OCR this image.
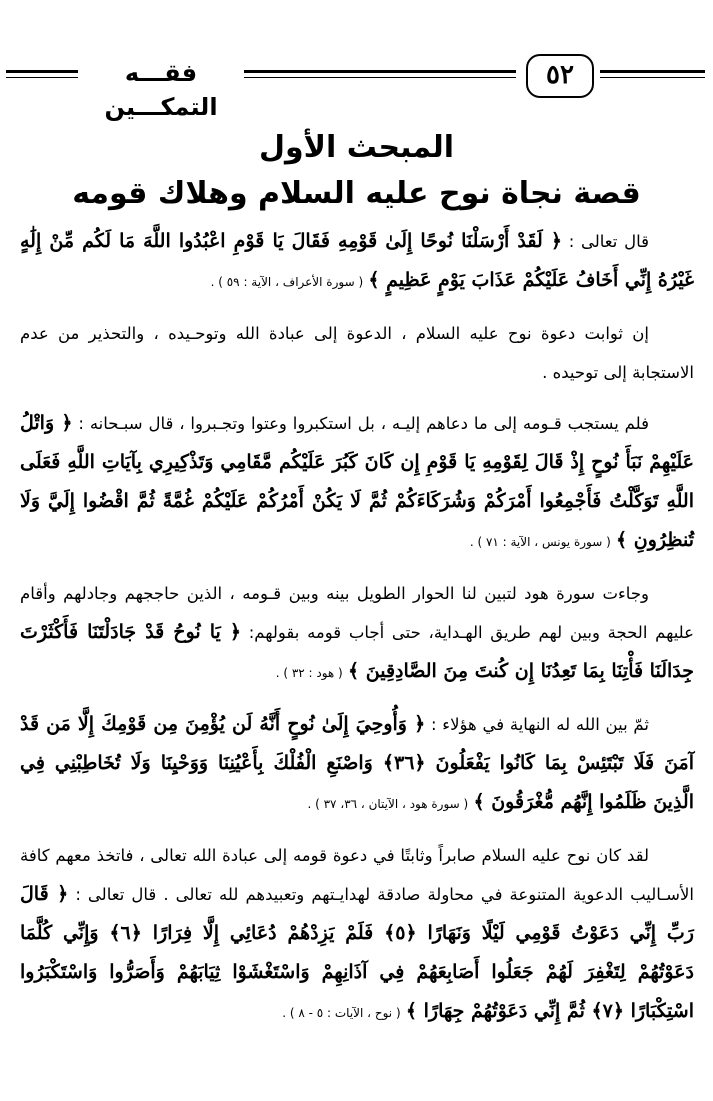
٥٢
فقـــه التمكـــين
المبحث الأول
قصة نجاة نوح عليه السلام وهلاك قومه

قال تعالى : ﴿ لَقَدْ أَرْسَلْنَا نُوحًا إِلَىٰ قَوْمِهِ فَقَالَ يَا قَوْمِ اعْبُدُوا اللَّهَ مَا لَكُم مِّنْ إِلَٰهٍ غَيْرُهُ إِنِّي أَخَافُ عَلَيْكُمْ عَذَابَ يَوْمٍ عَظِيمٍ ﴾ ( سورة الأعراف ، الآية : ٥٩ ) .

إن ثوابت دعوة نوح عليه السلام ، الدعوة إلى عبادة الله وتوحـيده ، والتحذير من عدم الاستجابة إلى توحيده .

فلم يستجب قـومه إلى ما دعاهم إليـه ، بل استكبروا وعتوا وتجـبروا ، قال سبـحانه : ﴿ وَاتْلُ عَلَيْهِمْ نَبَأَ نُوحٍ إِذْ قَالَ لِقَوْمِهِ يَا قَوْمِ إِن كَانَ كَبُرَ عَلَيْكُم مَّقَامِي وَتَذْكِيرِي بِآيَاتِ اللَّهِ فَعَلَى اللَّهِ تَوَكَّلْتُ فَأَجْمِعُوا أَمْرَكُمْ وَشُرَكَاءَكُمْ ثُمَّ لَا يَكُنْ أَمْرُكُمْ عَلَيْكُمْ غُمَّةً ثُمَّ اقْضُوا إِلَيَّ وَلَا تُنظِرُونِ ﴾ ( سورة يونس ، الآية : ٧١ ) .

وجاءت سورة هود لتبين لنا الحوار الطويل بينه وبين قـومه ، الذين حاججهم وجادلهم وأقام عليهم الحجة وبين لهم طريق الهـداية، حتى أجاب قومه بقولهم: ﴿ يَا نُوحُ قَدْ جَادَلْتَنَا فَأَكْثَرْتَ جِدَالَنَا فَأْتِنَا بِمَا تَعِدُنَا إِن كُنتَ مِنَ الصَّادِقِينَ ﴾ ( هود : ٣٢ ) .

ثمّ بين الله له النهاية في هؤلاء : ﴿ وَأُوحِيَ إِلَىٰ نُوحٍ أَنَّهُ لَن يُؤْمِنَ مِن قَوْمِكَ إِلَّا مَن قَدْ آمَنَ فَلَا تَبْتَئِسْ بِمَا كَانُوا يَفْعَلُونَ ﴿٣٦﴾ وَاصْنَعِ الْفُلْكَ بِأَعْيُنِنَا وَوَحْيِنَا وَلَا تُخَاطِبْنِي فِي الَّذِينَ ظَلَمُوا إِنَّهُم مُّغْرَقُونَ ﴾ ( سورة هود ، الآيتان ، ٣٦، ٣٧ ) .

لقد كان نوح عليه السلام صابراً وثابتًا في دعوة قومه إلى عبادة الله تعالى ، فاتخذ معهم كافة الأسـاليب الدعوية المتنوعة في محاولة صادقة لهدايـتهم وتعبيدهم لله تعالى . قال تعالى : ﴿ قَالَ رَبِّ إِنِّي دَعَوْتُ قَوْمِي لَيْلًا وَنَهَارًا ﴿٥﴾ فَلَمْ يَزِدْهُمْ دُعَائِي إِلَّا فِرَارًا ﴿٦﴾ وَإِنِّي كُلَّمَا دَعَوْتُهُمْ لِتَغْفِرَ لَهُمْ جَعَلُوا أَصَابِعَهُمْ فِي آذَانِهِمْ وَاسْتَغْشَوْا ثِيَابَهُمْ وَأَصَرُّوا وَاسْتَكْبَرُوا اسْتِكْبَارًا ﴿٧﴾ ثُمَّ إِنِّي دَعَوْتُهُمْ جِهَارًا ﴾ ( نوح ، الآيات : ٥ - ٨ ) .
